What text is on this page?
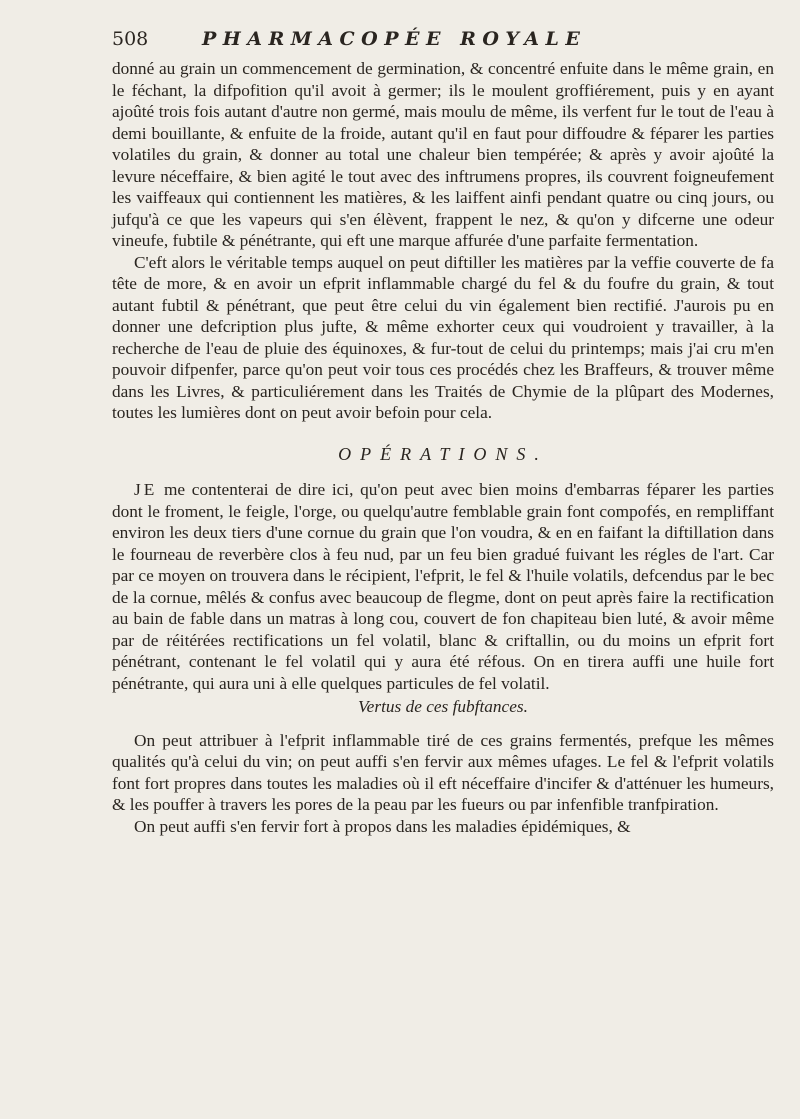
508	PHARMACOPÉE ROYALE

donné au grain un commencement de germination, & concentré enfuite dans le même grain, en le féchant, la difpofition qu'il avoit à germer; ils le moulent groffiérement, puis y en ayant ajoûté trois fois autant d'autre non germé, mais moulu de même, ils verfent fur le tout de l'eau à demi bouillante, & enfuite de la froide, autant qu'il en faut pour diffoudre & féparer les parties volatiles du grain, & donner au total une chaleur bien tempérée; & après y avoir ajoûté la levure néceffaire, & bien agité le tout avec des inftrumens propres, ils couvrent foigneufement les vaiffeaux qui contiennent les matières, & les laiffent ainfi pendant quatre ou cinq jours, ou jufqu'à ce que les vapeurs qui s'en élèvent, frappent le nez, & qu'on y difcerne une odeur vineufe, fubtile & pénétrante, qui eft une marque affurée d'une parfaite fermentation.

C'eft alors le véritable temps auquel on peut diftiller les matières par la veffie couverte de fa tête de more, & en avoir un efprit inflammable chargé du fel & du foufre du grain, & tout autant fubtil & pénétrant, que peut être celui du vin également bien rectifié. J'aurois pu en donner une defcription plus jufte, & même exhorter ceux qui voudroient y travailler, à la recherche de l'eau de pluie des équinoxes, & fur-tout de celui du printemps; mais j'ai cru m'en pouvoir difpenfer, parce qu'on peut voir tous ces procédés chez les Braffeurs, & trouver même dans les Livres, & particuliérement dans les Traités de Chymie de la plûpart des Modernes, toutes les lumières dont on peut avoir befoin pour cela.

OPÉRATIONS.

JE me contenterai de dire ici, qu'on peut avec bien moins d'embarras féparer les parties dont le froment, le feigle, l'orge, ou quelqu'autre femblable grain font compofés, en rempliffant environ les deux tiers d'une cornue du grain que l'on voudra, & en en faifant la diftillation dans le fourneau de reverbère clos à feu nud, par un feu bien gradué fuivant les régles de l'art. Car par ce moyen on trouvera dans le récipient, l'efprit, le fel & l'huile volatils, defcendus par le bec de la cornue, mêlés & confus avec beaucoup de flegme, dont on peut après faire la rectification au bain de fable dans un matras à long cou, couvert de fon chapiteau bien luté, & avoir même par de réitérées rectifications un fel volatil, blanc & criftallin, ou du moins un efprit fort pénétrant, contenant le fel volatil qui y aura été réfous. On en tirera auffi une huile fort pénétrante, qui aura uni à elle quelques particules de fel volatil.

Vertus de ces fubftances.

On peut attribuer à l'efprit inflammable tiré de ces grains fermentés, prefque les mêmes qualités qu'à celui du vin; on peut auffi s'en fervir aux mêmes ufages. Le fel & l'efprit volatils font fort propres dans toutes les maladies où il eft néceffaire d'incifer & d'atténuer les humeurs, & les pouffer à travers les pores de la peau par les fueurs ou par infenfible tranfpiration.

On peut auffi s'en fervir fort à propos dans les maladies épidémiques, &
